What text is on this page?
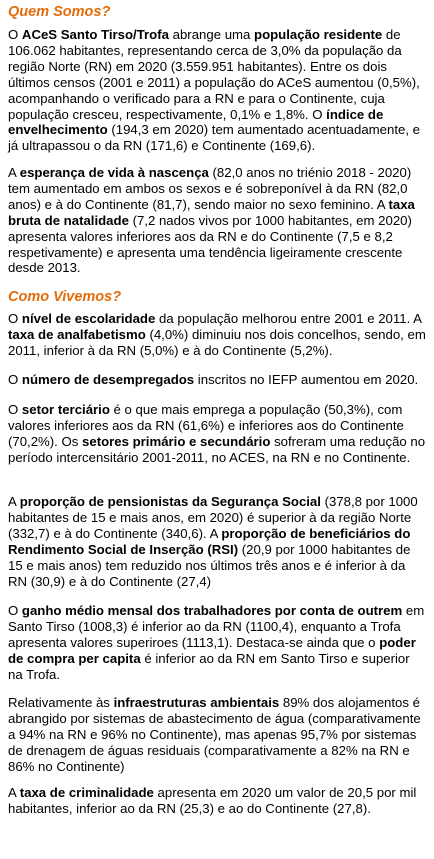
Quem Somos?

O ACeS Santo Tirso/Trofa abrange uma população residente de 106.062 habitantes, representando cerca de 3,0% da população da região Norte (RN) em 2020 (3.559.951 habitantes). Entre os dois últimos censos (2001 e 2011) a população do ACeS aumentou (0,5%), acompanhando o verificado para a RN e para o Continente, cuja população cresceu, respectivamente, 0,1% e 1,8%. O índice de envelhecimento (194,3 em 2020) tem aumentado acentuadamente, e já ultrapassou o da RN (171,6) e Continente (169,6).

A esperança de vida à nascença (82,0 anos no triénio 2018 - 2020) tem aumentado em ambos os sexos e é sobreponível à da RN (82,0 anos) e à do Continente (81,7), sendo maior no sexo feminino. A taxa bruta de natalidade (7,2 nados vivos por 1000 habitantes, em 2020) apresenta valores inferiores aos da RN e do Continente (7,5 e 8,2 respetivamente) e apresenta uma tendência ligeiramente crescente desde 2013.

Como Vivemos?

O nível de escolaridade da população melhorou entre 2001 e 2011. A taxa de analfabetismo (4,0%) diminuiu nos dois concelhos, sendo, em 2011, inferior à da RN (5,0%) e à do Continente (5,2%).

O número de desempregados inscritos no IEFP aumentou em 2020.

O setor terciário é o que mais emprega a população (50,3%), com valores inferiores aos da RN (61,6%) e inferiores aos do Continente (70,2%). Os setores primário e secundário sofreram uma redução no período intercensitário 2001-2011, no ACES, na RN e no Continente.

A proporção de pensionistas da Segurança Social (378,8 por 1000 habitantes de 15 e mais anos, em 2020) é superior à da região Norte (332,7) e à do Continente (340,6). A proporção de beneficiários do Rendimento Social de Inserção (RSI) (20,9 por 1000 habitantes de 15 e mais anos) tem reduzido nos últimos três anos e é inferior à da RN (30,9) e à do Continente (27,4)

O ganho médio mensal dos trabalhadores por conta de outrem em Santo Tirso (1008,3) é inferior ao da RN (1100,4), enquanto a Trofa apresenta valores superiroes (1113,1). Destaca-se ainda que o poder de compra per capita é inferior ao da RN em Santo Tirso e superior na Trofa.

Relativamente às infraestruturas ambientais 89% dos alojamentos é abrangido por sistemas de abastecimento de água (comparativamente a 94% na RN e 96% no Continente), mas apenas 95,7% por sistemas de drenagem de águas residuais (comparativamente a 82% na RN e 86% no Continente)

A taxa de criminalidade apresenta em 2020 um valor de 20,5 por mil habitantes, inferior ao da RN (25,3) e ao do Continente (27,8).
